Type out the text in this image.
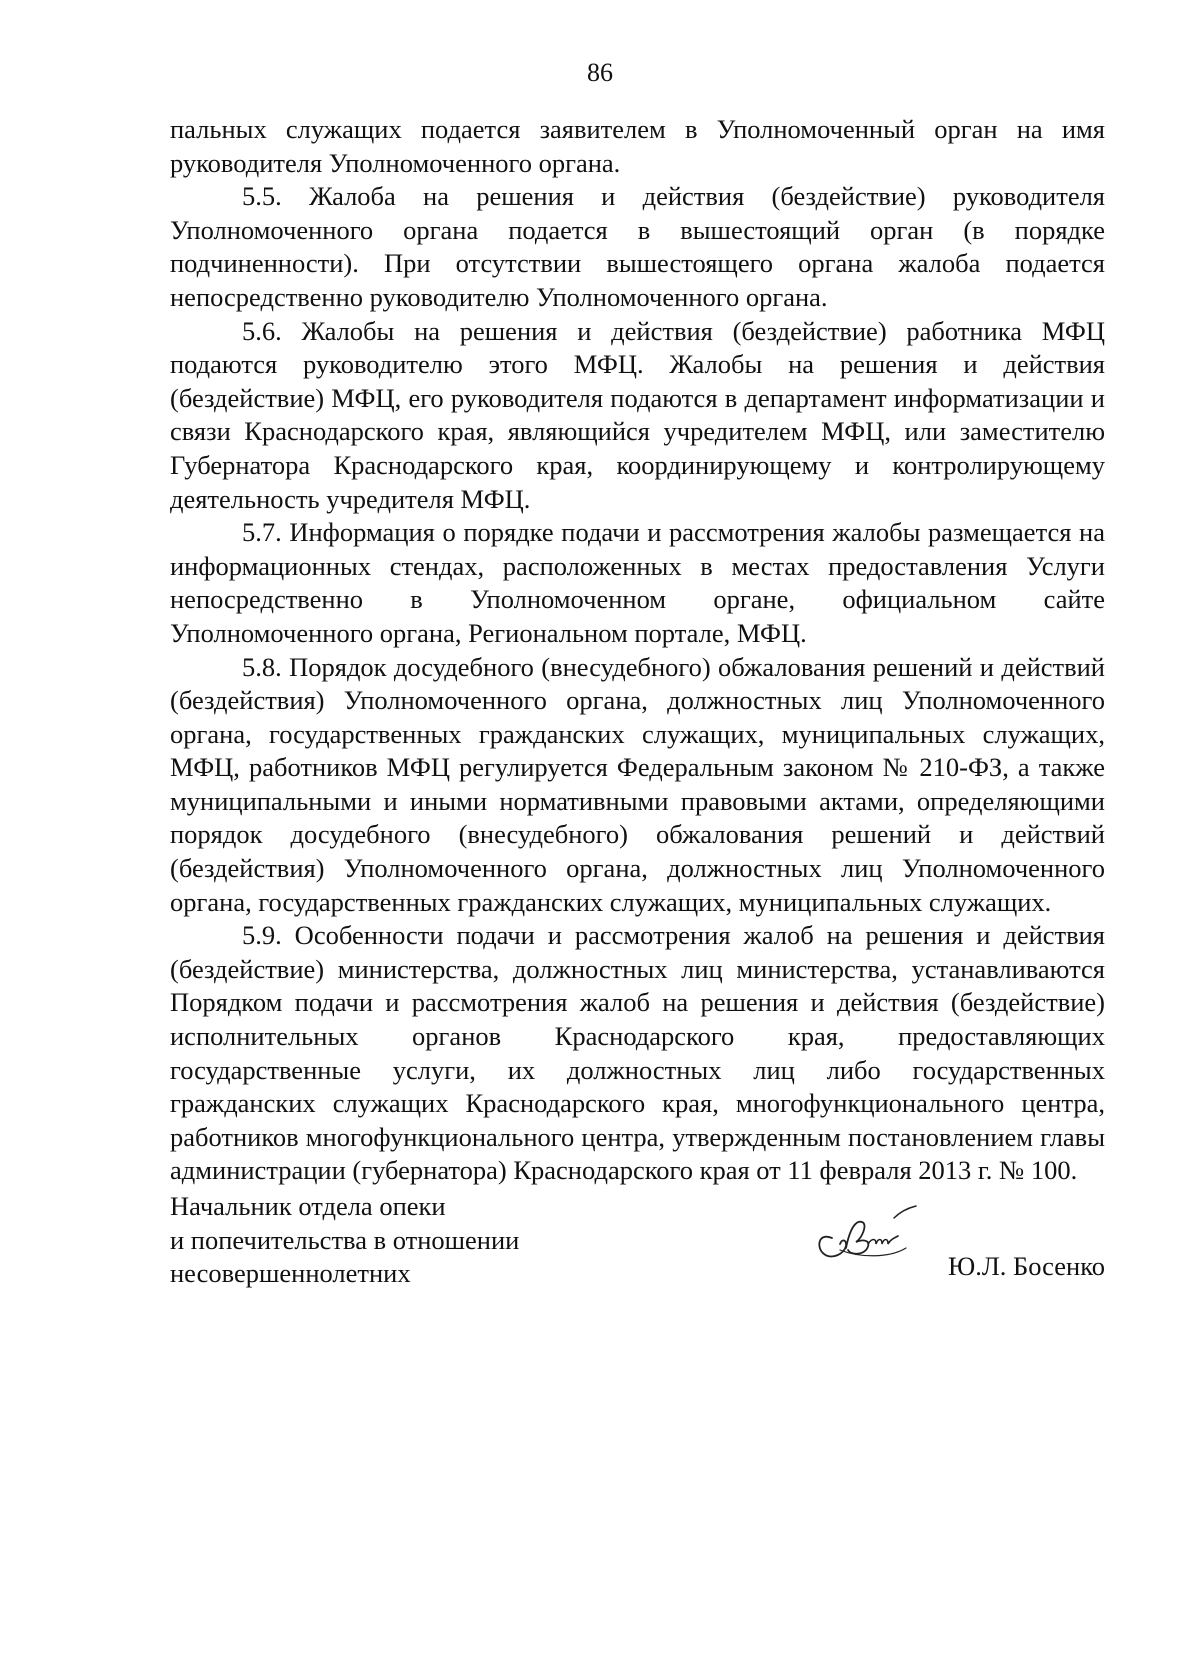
86

пальных служащих подается заявителем в Уполномоченный орган на имя руководителя Уполномоченного органа.

5.5. Жалоба на решения и действия (бездействие) руководителя Уполномоченного органа подается в вышестоящий орган (в порядке подчиненности). При отсутствии вышестоящего органа жалоба подается непосредственно руководителю Уполномоченного органа.

5.6. Жалобы на решения и действия (бездействие) работника МФЦ подаются руководителю этого МФЦ. Жалобы на решения и действия (бездействие) МФЦ, его руководителя подаются в департамент информатизации и связи Краснодарского края, являющийся учредителем МФЦ, или заместителю Губернатора Краснодарского края, координирующему и контролирующему деятельность учредителя МФЦ.

5.7. Информация о порядке подачи и рассмотрения жалобы размещается на информационных стендах, расположенных в местах предоставления Услуги непосредственно в Уполномоченном органе, официальном сайте Уполномоченного органа, Региональном портале, МФЦ.

5.8. Порядок досудебного (внесудебного) обжалования решений и действий (бездействия) Уполномоченного органа, должностных лиц Уполномоченного органа, государственных гражданских служащих, муниципальных служащих, МФЦ, работников МФЦ регулируется Федеральным законом № 210-ФЗ, а также муниципальными и иными нормативными правовыми актами, определяющими порядок досудебного (внесудебного) обжалования решений и действий (бездействия) Уполномоченного органа, должностных лиц Уполномоченного органа, государственных гражданских служащих, муниципальных служащих.

5.9. Особенности подачи и рассмотрения жалоб на решения и действия (бездействие) министерства, должностных лиц министерства, устанавливаются Порядком подачи и рассмотрения жалоб на решения и действия (бездействие) исполнительных органов Краснодарского края, предоставляющих государственные услуги, их должностных лиц либо государственных гражданских служащих Краснодарского края, многофункционального центра, работников многофункционального центра, утвержденным постановлением главы администрации (губернатора) Краснодарского края от 11 февраля 2013 г. № 100.

Начальник отдела опеки
и попечительства в отношении
несовершеннолетних	Ю.Л. Босенко
